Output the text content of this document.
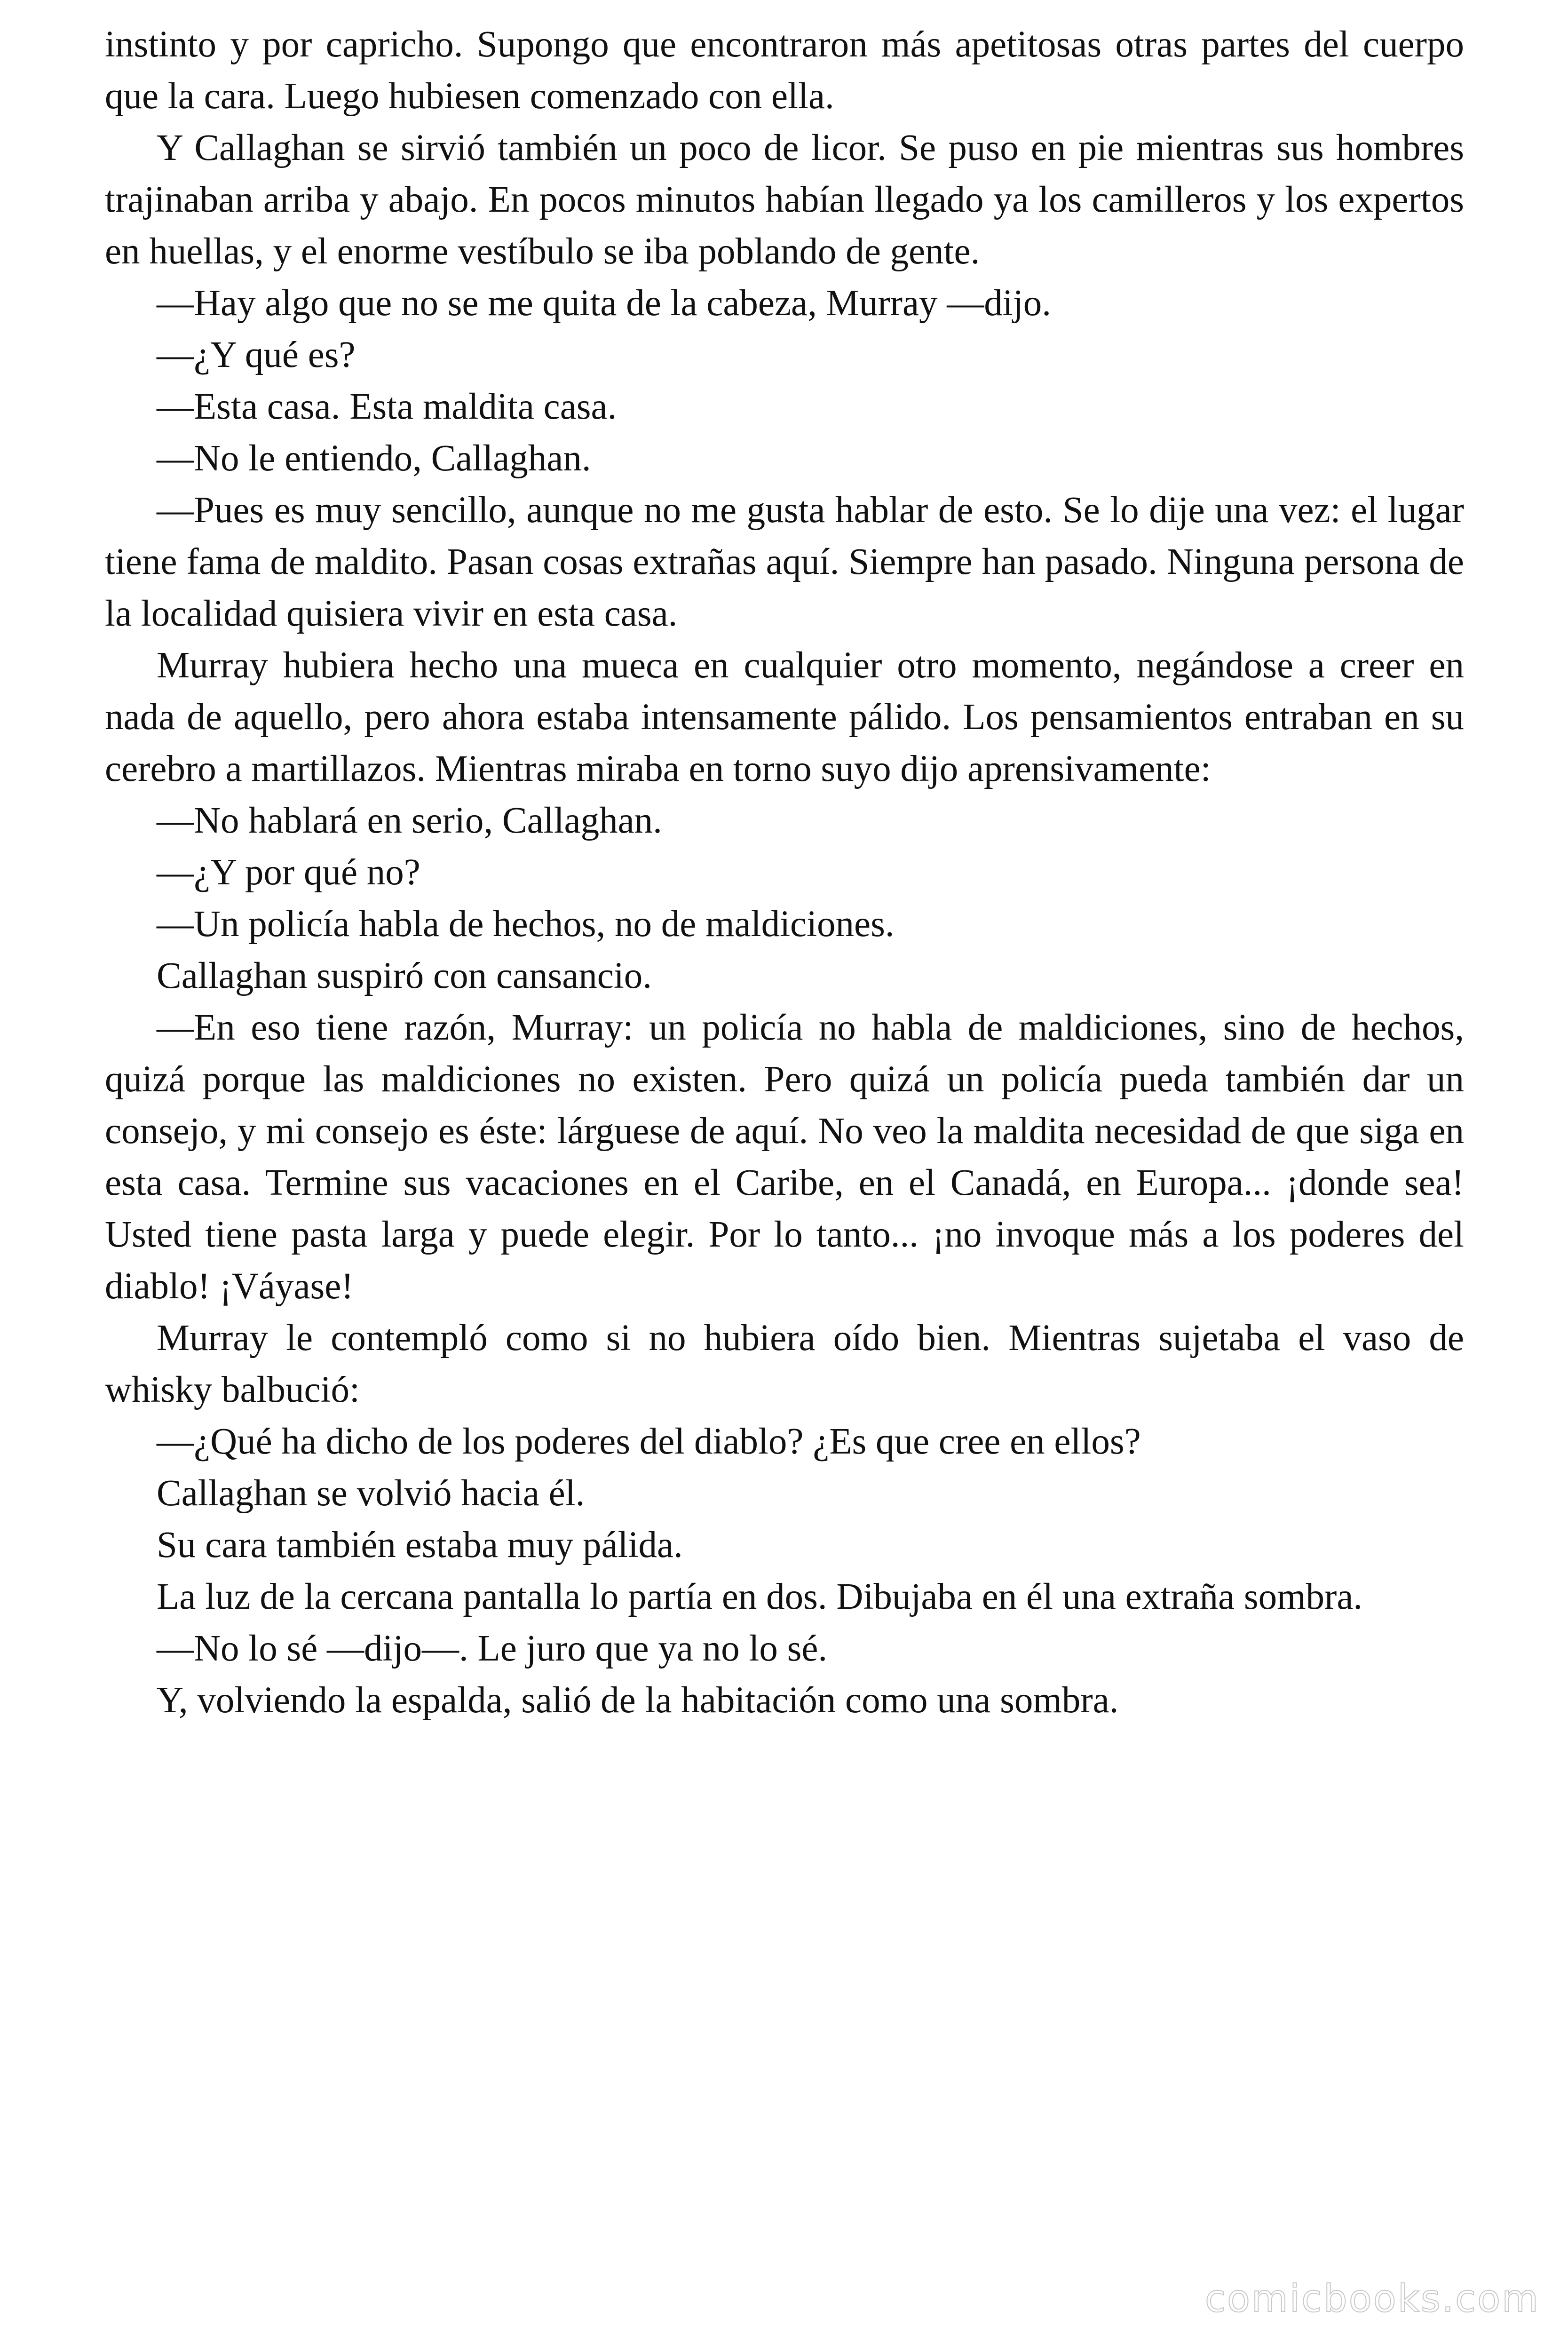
instinto y por capricho. Supongo que encontraron más apetitosas otras partes del cuerpo que la cara. Luego hubiesen comenzado con ella.

Y Callaghan se sirvió también un poco de licor. Se puso en pie mientras sus hombres trajinaban arriba y abajo. En pocos minutos habían llegado ya los camilleros y los expertos en huellas, y el enorme vestíbulo se iba poblando de gente.

—Hay algo que no se me quita de la cabeza, Murray —dijo.

—¿Y qué es?

—Esta casa. Esta maldita casa.

—No le entiendo, Callaghan.

—Pues es muy sencillo, aunque no me gusta hablar de esto. Se lo dije una vez: el lugar tiene fama de maldito. Pasan cosas extrañas aquí. Siempre han pasado. Ninguna persona de la localidad quisiera vivir en esta casa.

Murray hubiera hecho una mueca en cualquier otro momento, negándose a creer en nada de aquello, pero ahora estaba intensamente pálido. Los pensamientos entraban en su cerebro a martillazos. Mientras miraba en torno suyo dijo aprensivamente:

—No hablará en serio, Callaghan.

—¿Y por qué no?

—Un policía habla de hechos, no de maldiciones.

Callaghan suspiró con cansancio.

—En eso tiene razón, Murray: un policía no habla de maldiciones, sino de hechos, quizá porque las maldiciones no existen. Pero quizá un policía pueda también dar un consejo, y mi consejo es éste: lárguese de aquí. No veo la maldita necesidad de que siga en esta casa. Termine sus vacaciones en el Caribe, en el Canadá, en Europa... ¡donde sea! Usted tiene pasta larga y puede elegir. Por lo tanto... ¡no invoque más a los poderes del diablo! ¡Váyase!

Murray le contempló como si no hubiera oído bien. Mientras sujetaba el vaso de whisky balbució:

—¿Qué ha dicho de los poderes del diablo? ¿Es que cree en ellos?

Callaghan se volvió hacia él.

Su cara también estaba muy pálida.

La luz de la cercana pantalla lo partía en dos. Dibujaba en él una extraña sombra.

—No lo sé —dijo—. Le juro que ya no lo sé.

Y, volviendo la espalda, salió de la habitación como una sombra.

comicbooks.com
